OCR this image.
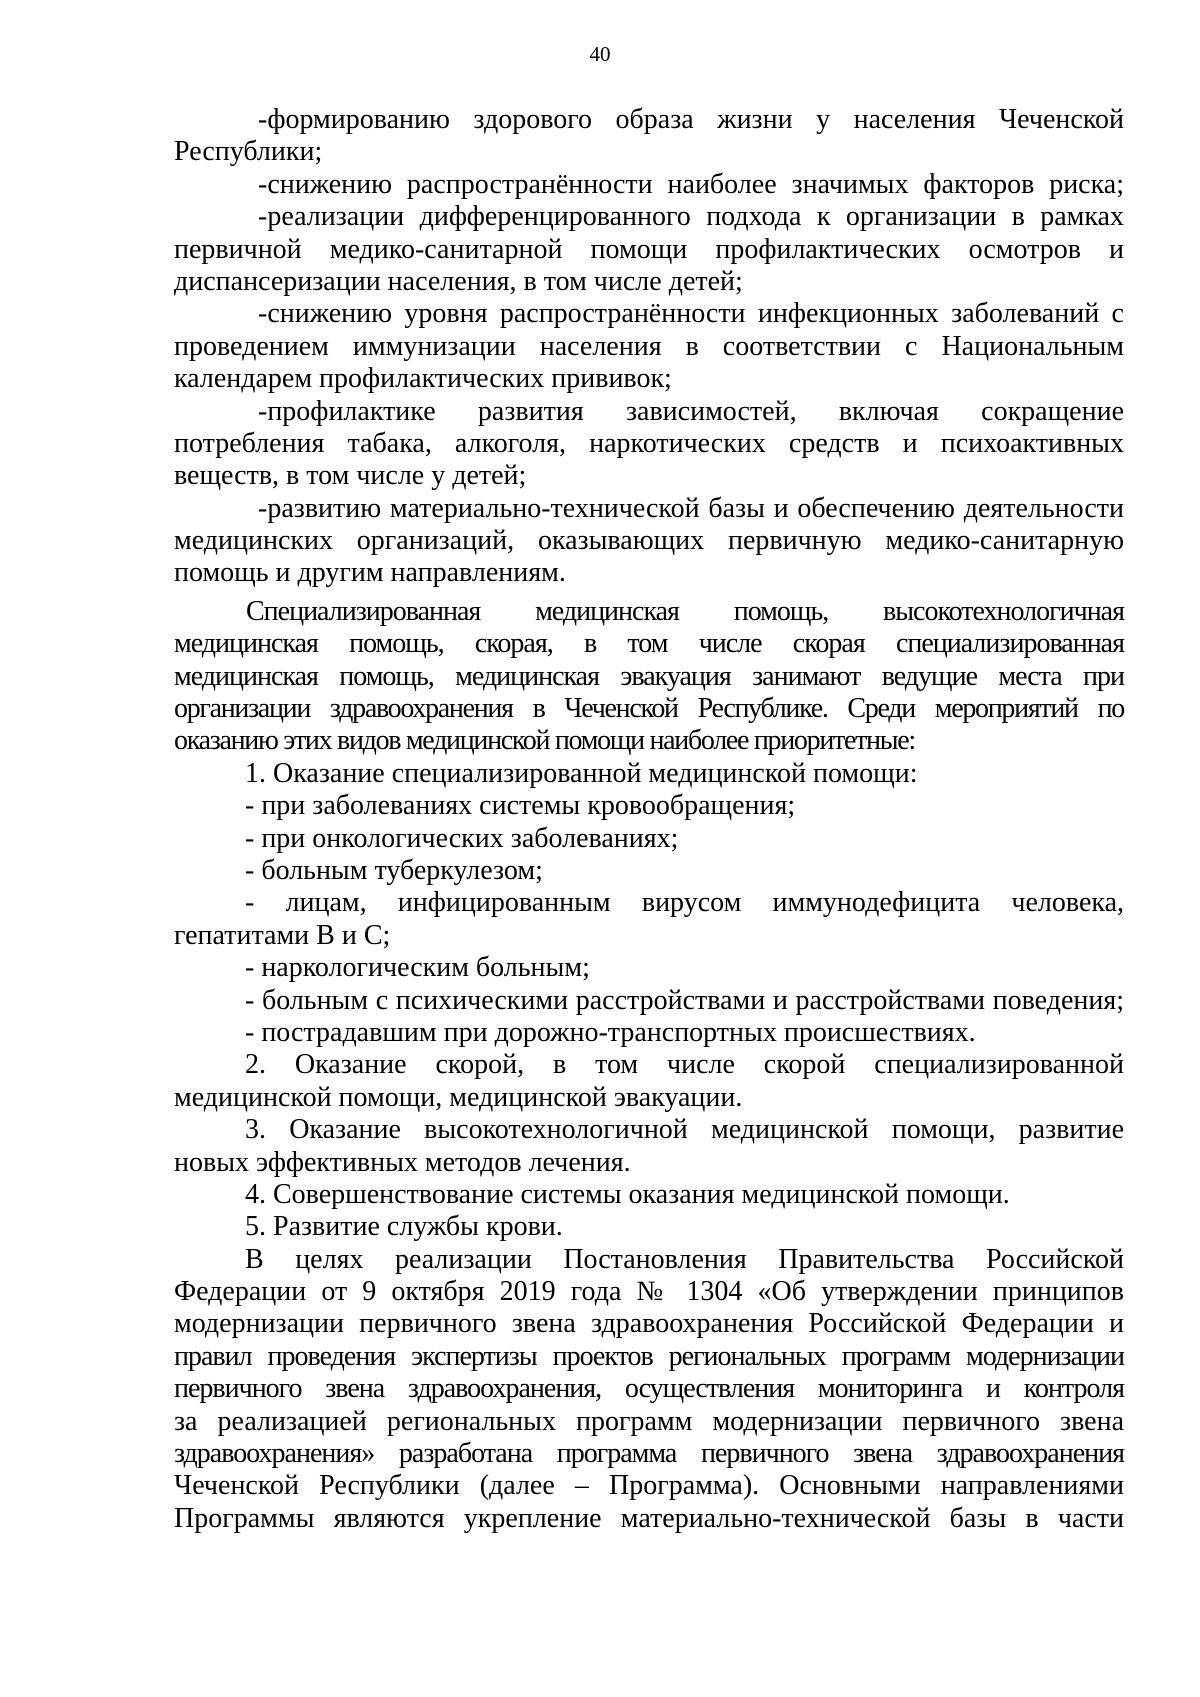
40
-формированию здорового образа жизни у населения Чеченской
Республики;
-снижению распространённости наиболее значимых факторов риска;
-реализации дифференцированного подхода к организации в рамках
первичной медико-санитарной помощи профилактических осмотров и
диспансеризации населения, в том числе детей;
-снижению уровня распространённости инфекционных заболеваний с
проведением иммунизации населения в соответствии с Национальным
календарем профилактических прививок;
-профилактике развития зависимостей, включая сокращение
потребления табака, алкоголя, наркотических средств и психоактивных
веществ, в том числе у детей;
-развитию материально-технической базы и обеспечению деятельности
медицинских организаций, оказывающих первичную медико-санитарную
помощь и другим направлениям.
Специализированная медицинская помощь, высокотехнологичная
медицинская помощь, скорая, в том числе скорая специализированная
медицинская помощь, медицинская эвакуация занимают ведущие места при
организации здравоохранения в Чеченской Республике. Среди мероприятий по
оказанию этих видов медицинской помощи наиболее приоритетные:
1. Оказание специализированной медицинской помощи:
- при заболеваниях системы кровообращения;
- при онкологических заболеваниях;
- больным туберкулезом;
- лицам, инфицированным вирусом иммунодефицита человека,
гепатитами В и С;
- наркологическим больным;
- больным с психическими расстройствами и расстройствами поведения;
- пострадавшим при дорожно-транспортных происшествиях.
2. Оказание скорой, в том числе скорой специализированной
медицинской помощи, медицинской эвакуации.
3. Оказание высокотехнологичной медицинской помощи, развитие
новых эффективных методов лечения.
4. Совершенствование системы оказания медицинской помощи.
5. Развитие службы крови.
В целях реализации Постановления Правительства Российской
Федерации от 9 октября 2019 года № 1304 «Об утверждении принципов
модернизации первичного звена здравоохранения Российской Федерации и
правил проведения экспертизы проектов региональных программ модернизации
первичного звена здравоохранения, осуществления мониторинга и контроля
за реализацией региональных программ модернизации первичного звена
здравоохранения» разработана программа первичного звена здравоохранения
Чеченской Республики (далее – Программа). Основными направлениями
Программы являются укрепление материально-технической базы в части
